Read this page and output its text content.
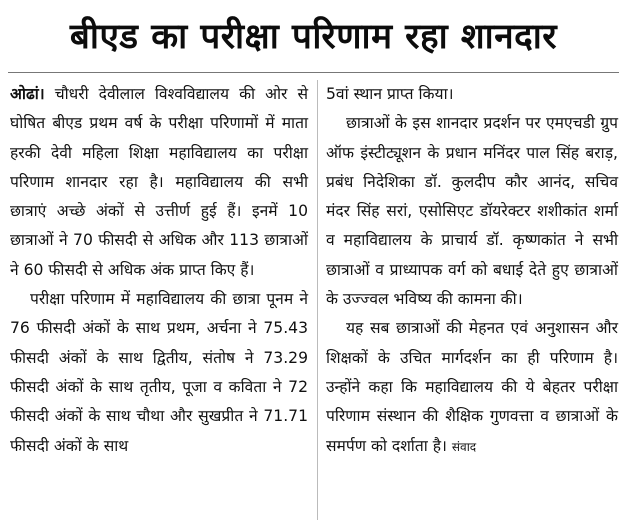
बीएड का परीक्षा परिणाम रहा शानदार

ओढां। चौधरी देवीलाल विश्वविद्यालय की ओर से घोषित बीएड प्रथम वर्ष के परीक्षा परिणामों में माता हरकी देवी महिला शिक्षा महाविद्यालय का परीक्षा परिणाम शानदार रहा है। महाविद्यालय की सभी छात्राएं अच्छे अंकों से उत्तीर्ण हुई हैं। इनमें 10 छात्राओं ने 70 फीसदी से अधिक और 113 छात्राओं ने 60 फीसदी से अधिक अंक प्राप्त किए हैं।

परीक्षा परिणाम में महाविद्यालय की छात्रा पूनम ने 76 फीसदी अंकों के साथ प्रथम, अर्चना ने 75.43 फीसदी अंकों के साथ द्वितीय, संतोष ने 73.29 फीसदी अंकों के साथ तृतीय, पूजा व कविता ने 72 फीसदी अंकों के साथ चौथा और सुखप्रीत ने 71.71 फीसदी अंकों के साथ

5वां स्थान प्राप्त किया।

छात्राओं के इस शानदार प्रदर्शन पर एमएचडी ग्रुप ऑफ इंस्टीट्यूशन के प्रधान मनिंदर पाल सिंह बराड़, प्रबंध निदेशिका डॉ. कुलदीप कौर आनंद, सचिव मंदर सिंह सरां, एसोसिएट डॉयरेक्टर शशीकांत शर्मा व महाविद्यालय के प्राचार्य डॉ. कृष्णकांत ने सभी छात्राओं व प्राध्यापक वर्ग को बधाई देते हुए छात्राओं के उज्ज्वल भविष्य की कामना की।

यह सब छात्राओं की मेहनत एवं अनुशासन और शिक्षकों के उचित मार्गदर्शन का ही परिणाम है। उन्होंने कहा कि महाविद्यालय की ये बेहतर परीक्षा परिणाम संस्थान की शैक्षिक गुणवत्ता व छात्राओं के समर्पण को दर्शाता है। संवाद
